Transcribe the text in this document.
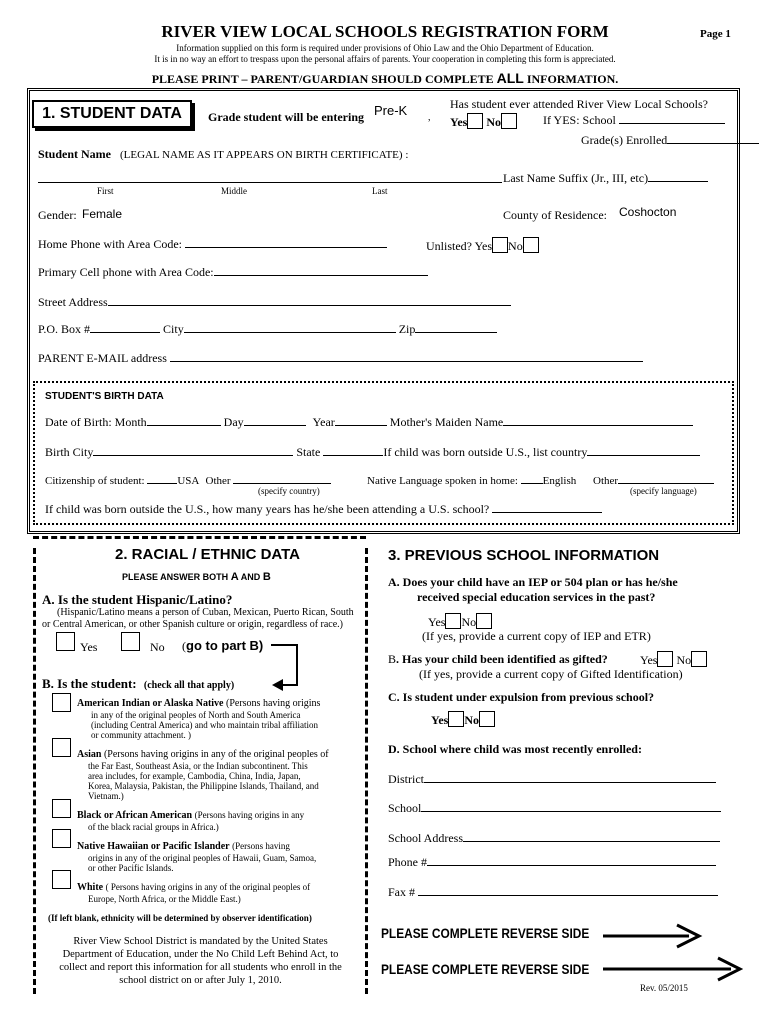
RIVER VIEW LOCAL SCHOOLS REGISTRATION FORM	Page 1
Information supplied on this form is required under provisions of Ohio Law and the Ohio Department of Education.
It is in no way an effort to trespass upon the personal affairs of parents. Your cooperation in completing this form is appreciated.
PLEASE PRINT – PARENT/GUARDIAN SHOULD COMPLETE ALL INFORMATION.
1. STUDENT DATA	Grade student will be entering Pre-K ,
Has student ever attended River View Local Schools?
Yes No	If YES: School
Grade(s) Enrolled
Student Name (LEGAL NAME AS IT APPEARS ON BIRTH CERTIFICATE) :
Last Name Suffix (Jr., III, etc)
First	Middle	Last
Gender: Female	County of Residence: Coshocton
Home Phone with Area Code:	Unlisted? Yes No
Primary Cell phone with Area Code:
Street Address
P.O. Box #	City	Zip
PARENT E-MAIL address
STUDENT'S BIRTH DATA
Date of Birth: Month	Day	Year	Mother's Maiden Name
Birth City	State	If child was born outside U.S., list country
Citizenship of student:	USA Other	Native Language spoken in home: English Other
(specify country)	(specify language)
If child was born outside the U.S., how many years has he/she been attending a U.S. school?
2. RACIAL / ETHNIC DATA
PLEASE ANSWER BOTH A AND B
A. Is the student Hispanic/Latino?
(Hispanic/Latino means a person of Cuban, Mexican, Puerto Rican, South
or Central American, or other Spanish culture or origin, regardless of race.)
Yes	No (go to part B)
B. Is the student: (check all that apply)
American Indian or Alaska Native (Persons having origins
in any of the original peoples of North and South America
(including Central America) and who maintain tribal affiliation
or community attachment. )
Asian (Persons having origins in any of the original peoples of
the Far East, Southeast Asia, or the Indian subcontinent. This
area includes, for example, Cambodia, China, India, Japan,
Korea, Malaysia, Pakistan, the Philippine Islands, Thailand, and
Vietnam.)
Black or African American (Persons having origins in any
of the black racial groups in Africa.)
Native Hawaiian or Pacific Islander (Persons having
origins in any of the original peoples of Hawaii, Guam, Samoa,
or other Pacific Islands.
White ( Persons having origins in any of the original peoples of
Europe, North Africa, or the Middle East.)
(If left blank, ethnicity will be determined by observer identification)
River View School District is mandated by the United States
Department of Education, under the No Child Left Behind Act, to
collect and report this information for all students who enroll in the
school district on or after July 1, 2010.
3. PREVIOUS SCHOOL INFORMATION
A. Does your child have an IEP or 504 plan or has he/she
received special education services in the past?
Yes No
(If yes, provide a current copy of IEP and ETR)
B. Has your child been identified as gifted?	Yes No
(If yes, provide a current copy of Gifted Identification)
C. Is student under expulsion from previous school?
Yes No
D. School where child was most recently enrolled:
District
School
School Address
Phone #
Fax #
PLEASE COMPLETE REVERSE SIDE
PLEASE COMPLETE REVERSE SIDE
Rev. 05/2015
